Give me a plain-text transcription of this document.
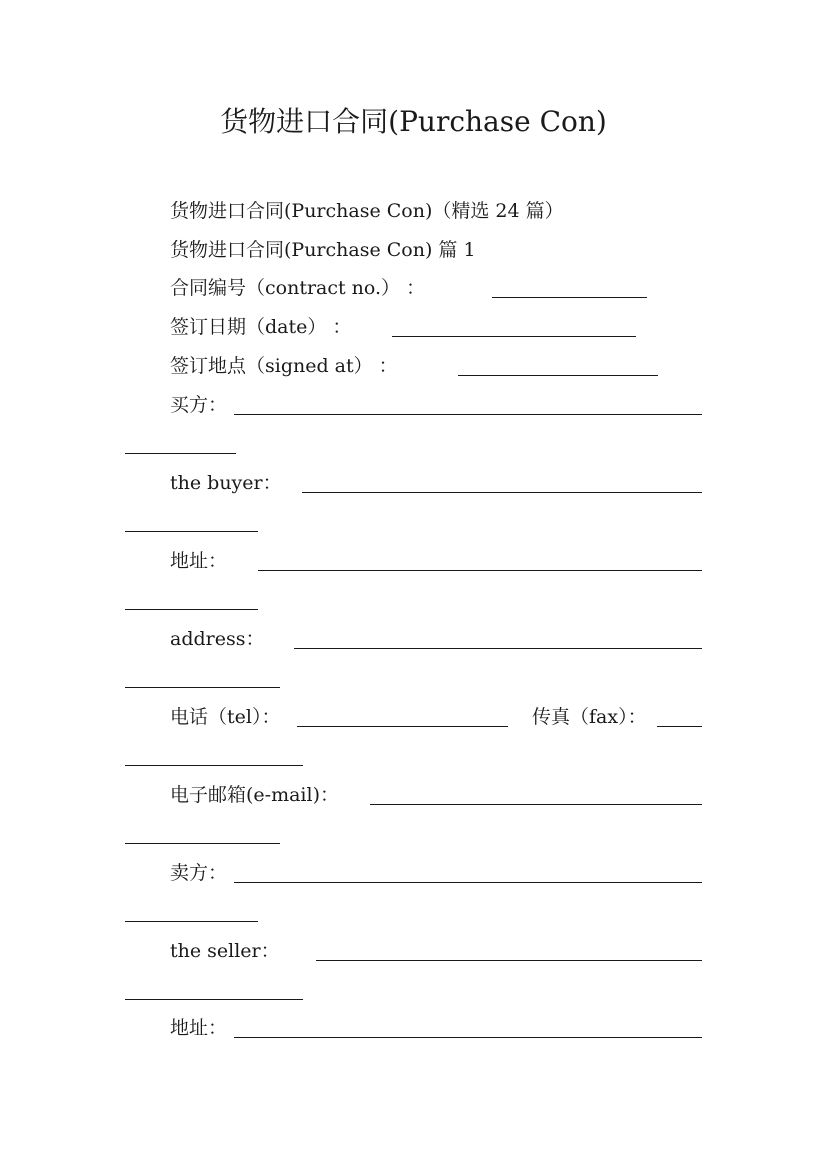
货物进口合同(Purchase Con)
货物进口合同(Purchase Con)（精选 24 篇）
货物进口合同(Purchase Con) 篇 1
合同编号（contract no.） ：
签订日期（date） ：
签订地点（signed at） ：
买方：
the buyer：
地址：
address：
电话（tel）：	传真（fax）：
电子邮箱(e-mail)：
卖方：
the seller：
地址：
